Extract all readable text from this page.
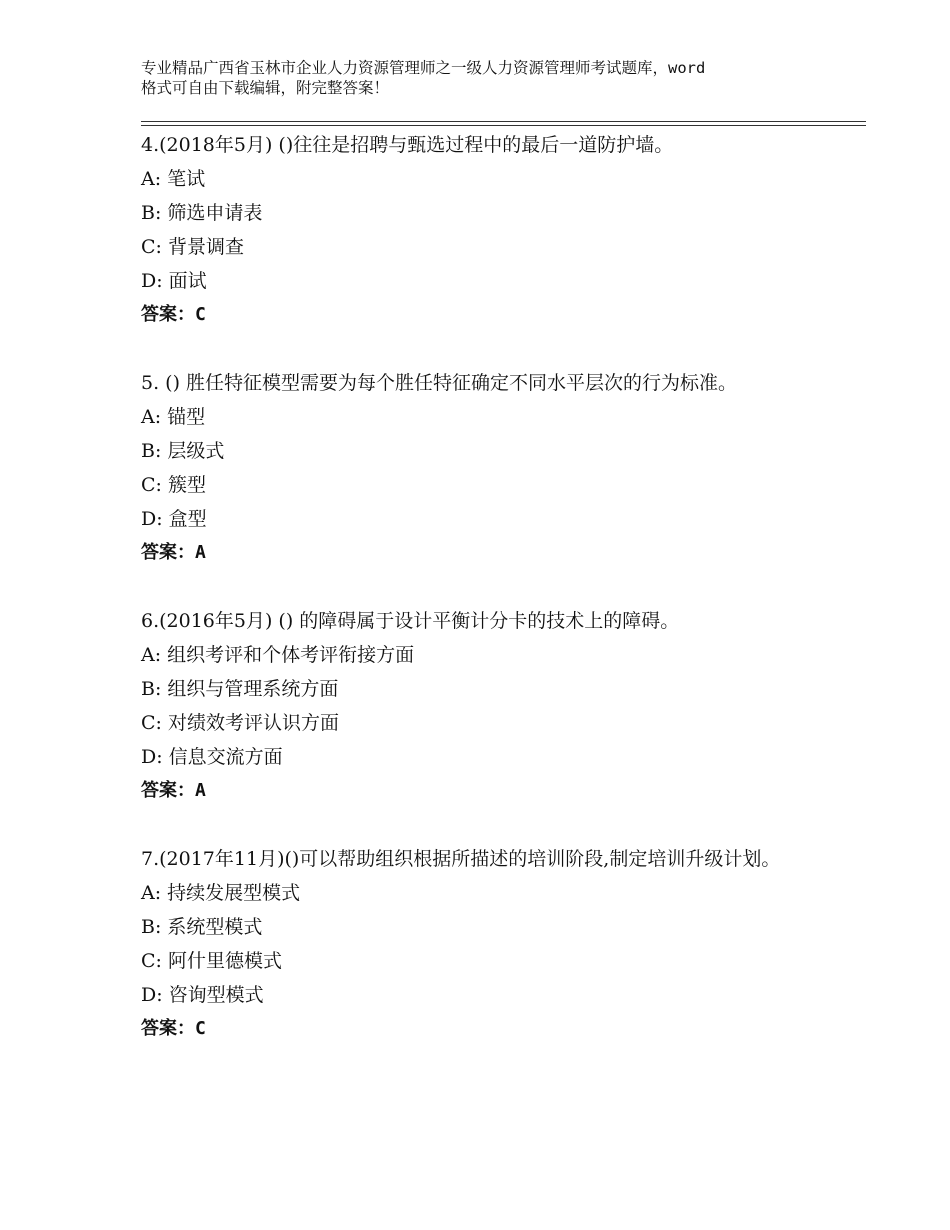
专业精品广西省玉林市企业人力资源管理师之一级人力资源管理师考试题库，word
格式可自由下载编辑，附完整答案！
4.(2018年5月) ()往往是招聘与甄选过程中的最后一道防护墙。
A: 笔试
B: 筛选申请表
C: 背景调查
D: 面试
答案：C
5. () 胜任特征模型需要为每个胜任特征确定不同水平层次的行为标准。
A: 锚型
B: 层级式
C: 簇型
D: 盒型
答案：A
6.(2016年5月) () 的障碍属于设计平衡计分卡的技术上的障碍。
A: 组织考评和个体考评衔接方面
B: 组织与管理系统方面
C: 对绩效考评认识方面
D: 信息交流方面
答案：A
7.(2017年11月)()可以帮助组织根据所描述的培训阶段,制定培训升级计划。
A: 持续发展型模式
B: 系统型模式
C: 阿什里德模式
D: 咨询型模式
答案：C
